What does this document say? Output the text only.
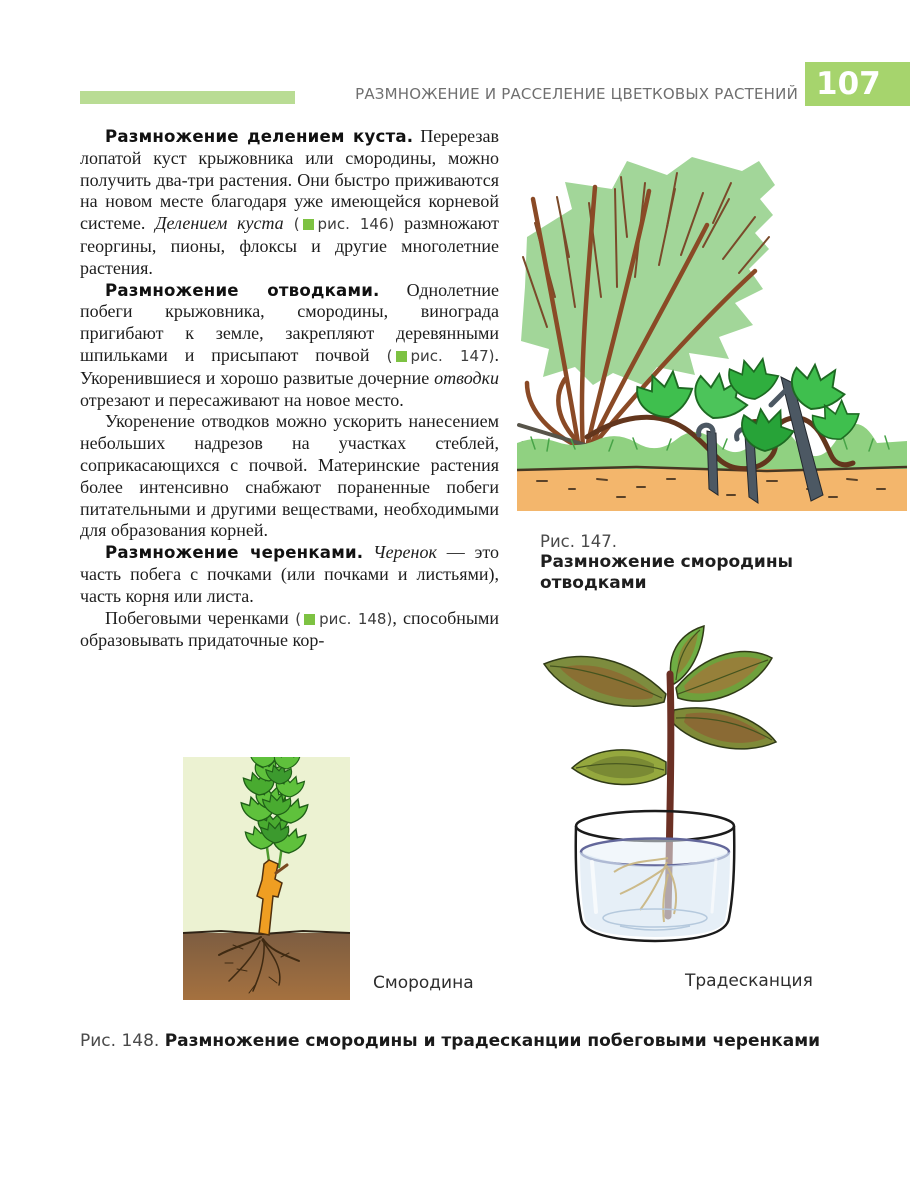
РАЗМНОЖЕНИЕ И РАССЕЛЕНИЕ ЦВЕТКОВЫХ РАСТЕНИЙ 107

Размножение делением куста. Перерезав лопатой куст крыжовника или смородины, можно получить два-три растения. Они быстро приживаются на новом месте благодаря уже имеющейся корневой системе. Делением куста ( рис. 146) размножают георгины, пионы, флоксы и другие многолетние растения.

Размножение отводками. Однолетние побеги крыжовника, смородины, винограда пригибают к земле, закрепляют деревянными шпильками и присыпают почвой ( рис. 147). Укоренившиеся и хорошо развитые дочерние отводки отрезают и пересаживают на новое место.

Укоренение отводков можно ускорить нанесением небольших надрезов на участках стеблей, соприкасающихся с почвой. Материнские растения более интенсивно снабжают пораненные побеги питательными и другими веществами, необходимыми для образования корней.

Размножение черенками. Черенок — это часть побега с почками (или почками и листьями), часть корня или листа.

Побеговыми черенками ( рис. 148), способными образовывать придаточные кор-

Рис. 147.
Размножение смородины отводками
Смородина	Традесканция
Рис. 148. Размножение смородины и традесканции побеговыми черенками
